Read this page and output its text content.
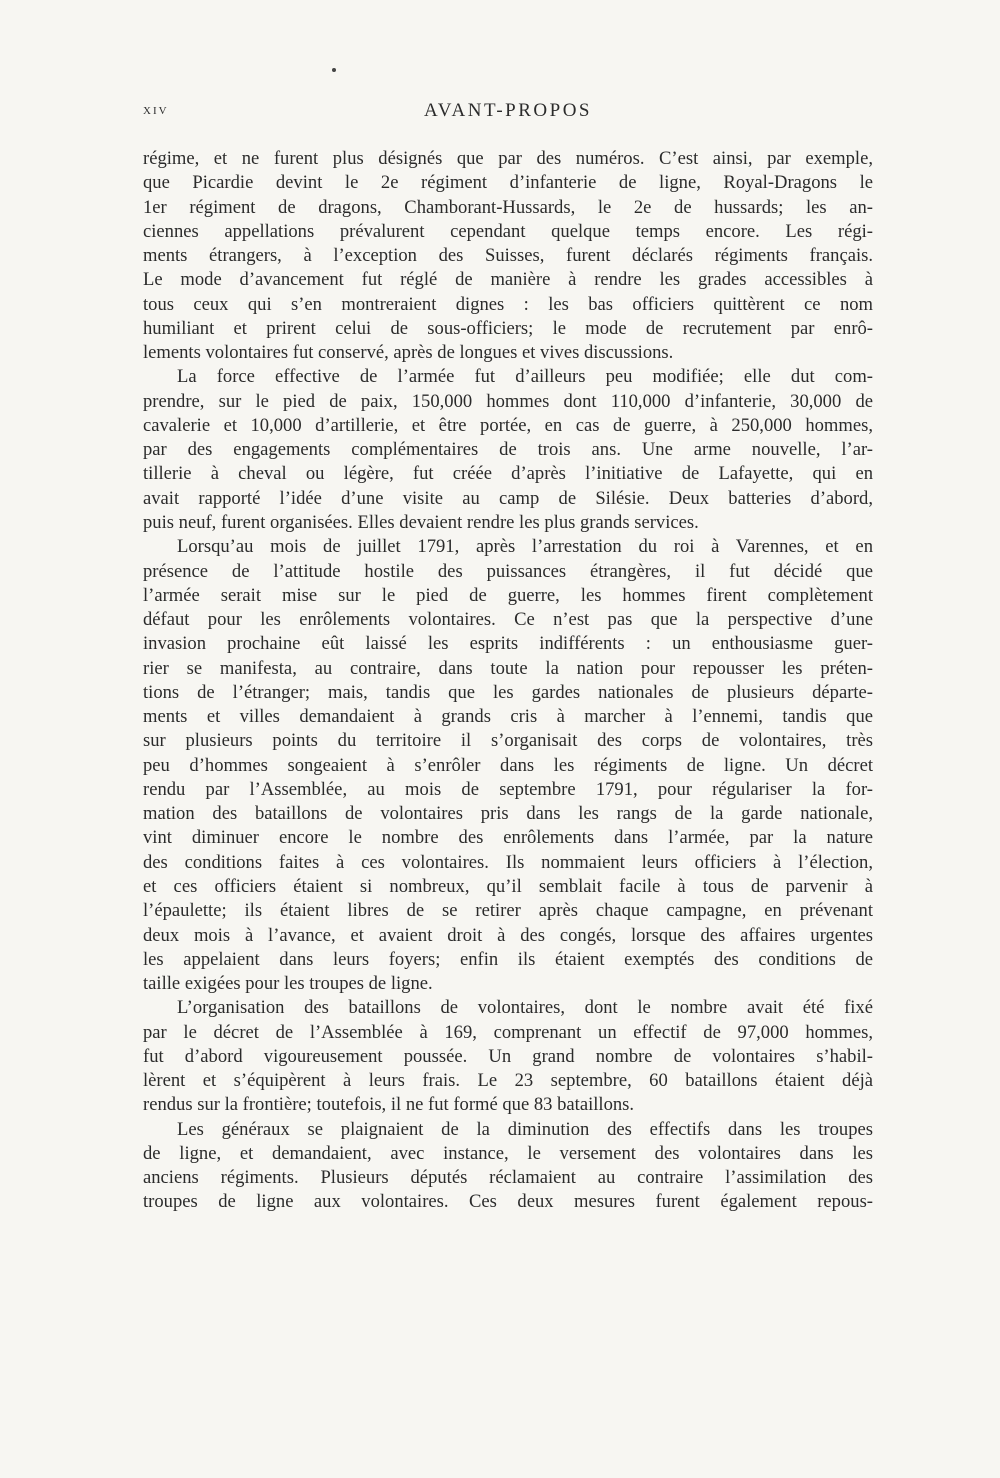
xiv	AVANT-PROPOS
régime, et ne furent plus désignés que par des numéros. C’est ainsi, par exemple,
que Picardie devint le 2e régiment d’infanterie de ligne, Royal-Dragons le
1er régiment de dragons, Chamborant-Hussards, le 2e de hussards; les an-
ciennes appellations prévalurent cependant quelque temps encore. Les régi-
ments étrangers, à l’exception des Suisses, furent déclarés régiments français.
Le mode d’avancement fut réglé de manière à rendre les grades accessibles à
tous ceux qui s’en montreraient dignes : les bas officiers quittèrent ce nom
humiliant et prirent celui de sous-officiers; le mode de recrutement par enrô-
lements volontaires fut conservé, après de longues et vives discussions.
La force effective de l’armée fut d’ailleurs peu modifiée; elle dut com-
prendre, sur le pied de paix, 150,000 hommes dont 110,000 d’infanterie, 30,000 de
cavalerie et 10,000 d’artillerie, et être portée, en cas de guerre, à 250,000 hommes,
par des engagements complémentaires de trois ans. Une arme nouvelle, l’ar-
tillerie à cheval ou légère, fut créée d’après l’initiative de Lafayette, qui en
avait rapporté l’idée d’une visite au camp de Silésie. Deux batteries d’abord,
puis neuf, furent organisées. Elles devaient rendre les plus grands services.
Lorsqu’au mois de juillet 1791, après l’arrestation du roi à Varennes, et en
présence de l’attitude hostile des puissances étrangères, il fut décidé que
l’armée serait mise sur le pied de guerre, les hommes firent complètement
défaut pour les enrôlements volontaires. Ce n’est pas que la perspective d’une
invasion prochaine eût laissé les esprits indifférents : un enthousiasme guer-
rier se manifesta, au contraire, dans toute la nation pour repousser les préten-
tions de l’étranger; mais, tandis que les gardes nationales de plusieurs départe-
ments et villes demandaient à grands cris à marcher à l’ennemi, tandis que
sur plusieurs points du territoire il s’organisait des corps de volontaires, très
peu d’hommes songeaient à s’enrôler dans les régiments de ligne. Un décret
rendu par l’Assemblée, au mois de septembre 1791, pour régulariser la for-
mation des bataillons de volontaires pris dans les rangs de la garde nationale,
vint diminuer encore le nombre des enrôlements dans l’armée, par la nature
des conditions faites à ces volontaires. Ils nommaient leurs officiers à l’élection,
et ces officiers étaient si nombreux, qu’il semblait facile à tous de parvenir à
l’épaulette; ils étaient libres de se retirer après chaque campagne, en prévenant
deux mois à l’avance, et avaient droit à des congés, lorsque des affaires urgentes
les appelaient dans leurs foyers; enfin ils étaient exemptés des conditions de
taille exigées pour les troupes de ligne.
L’organisation des bataillons de volontaires, dont le nombre avait été fixé
par le décret de l’Assemblée à 169, comprenant un effectif de 97,000 hommes,
fut d’abord vigoureusement poussée. Un grand nombre de volontaires s’habil-
lèrent et s’équipèrent à leurs frais. Le 23 septembre, 60 bataillons étaient déjà
rendus sur la frontière; toutefois, il ne fut formé que 83 bataillons.
Les généraux se plaignaient de la diminution des effectifs dans les troupes
de ligne, et demandaient, avec instance, le versement des volontaires dans les
anciens régiments. Plusieurs députés réclamaient au contraire l’assimilation des
troupes de ligne aux volontaires. Ces deux mesures furent également repous-
